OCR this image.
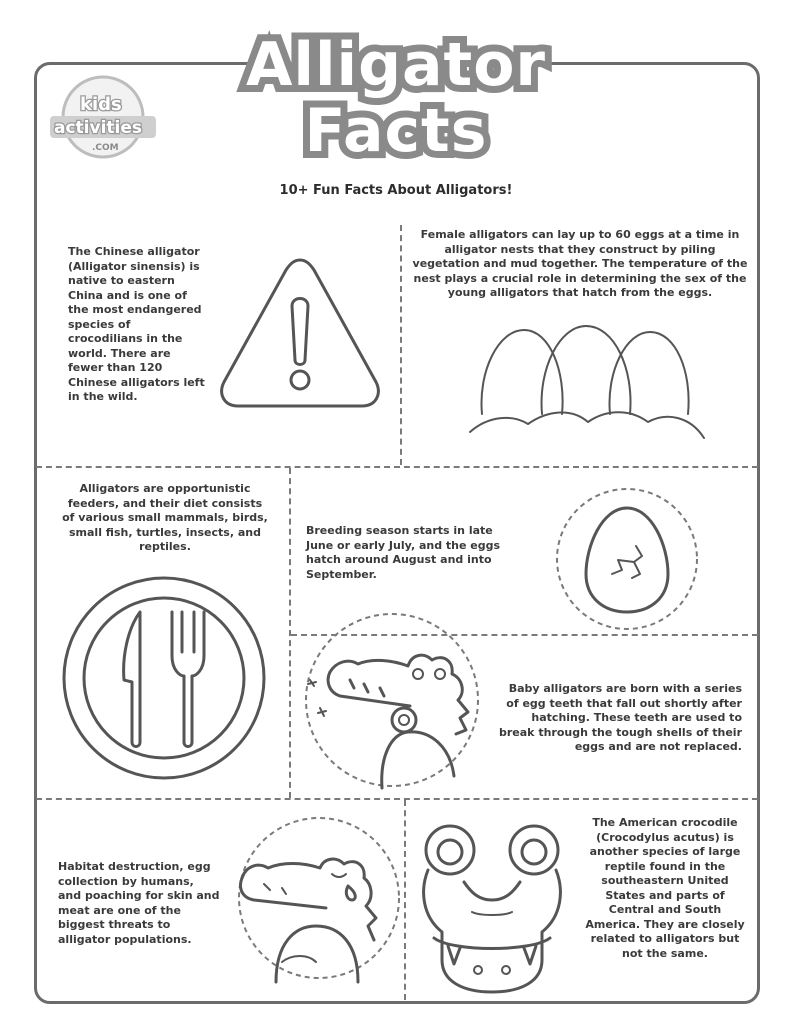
Alligator
Facts
10+ Fun Facts About Alligators!
kids
activities
.COM
The Chinese alligator (Alligator sinensis) is native to eastern China and is one of the most endangered species of crocodilians in the world. There are fewer than 120 Chinese alligators left in the wild.
Female alligators can lay up to 60 eggs at a time in alligator nests that they construct by piling vegetation and mud together. The temperature of the nest plays a crucial role in determining the sex of the young alligators that hatch from the eggs.
Alligators are opportunistic feeders, and their diet consists of various small mammals, birds, small fish, turtles, insects, and reptiles.
Breeding season starts in late June or early July, and the eggs hatch around August and into September.
Baby alligators are born with a series of egg teeth that fall out shortly after hatching. These teeth are used to break through the tough shells of their eggs and are not replaced.
Habitat destruction, egg collection by humans, and poaching for skin and meat are one of the biggest threats to alligator populations.
The American crocodile (Crocodylus acutus) is another species of large reptile found in the southeastern United States and parts of Central and South America. They are closely related to alligators but not the same.
